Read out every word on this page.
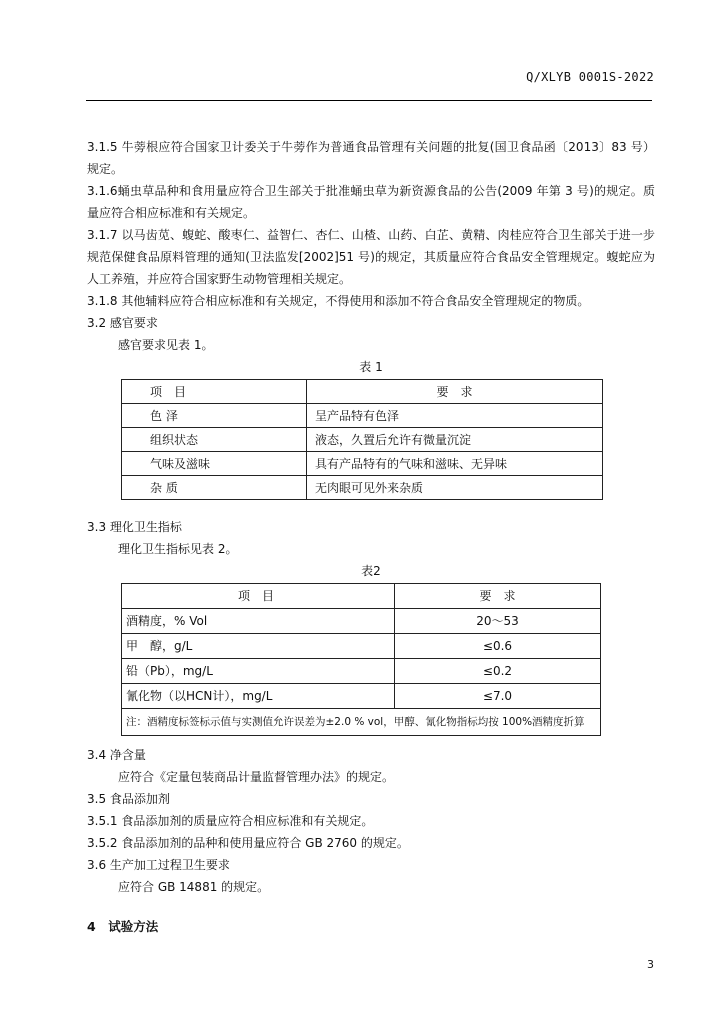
Q/XLYB 0001S-2022

3.1.5 牛蒡根应符合国家卫计委关于牛蒡作为普通食品管理有关问题的批复(国卫食品函〔2013〕83 号）规定。

3.1.6蛹虫草品种和食用量应符合卫生部关于批准蛹虫草为新资源食品的公告(2009 年第 3 号)的规定。质量应符合相应标准和有关规定。

3.1.7 以马齿苋、蝮蛇、酸枣仁、益智仁、杏仁、山楂、山药、白芷、黄精、肉桂应符合卫生部关于进一步规范保健食品原料管理的通知(卫法监发[2002]51 号)的规定，其质量应符合食品安全管理规定。蝮蛇应为人工养殖，并应符合国家野生动物管理相关规定。

3.1.8 其他辅料应符合相应标准和有关规定，不得使用和添加不符合食品安全管理规定的物质。

3.2 感官要求

感官要求见表 1。

表 1

项　目	要　求
色 泽	呈产品特有色泽
组织状态	液态，久置后允许有微量沉淀
气味及滋味	具有产品特有的气味和滋味、无异味
杂 质	无肉眼可见外来杂质

3.3 理化卫生指标

理化卫生指标见表 2。

表2

项　目	要　求
酒精度，% Vol	20～53
甲　醇，g/L	≤0.6
铅（Pb），mg/L	≤0.2
氰化物（以HCN计），mg/L	≤7.0
注：酒精度标签标示值与实测值允许误差为±2.0 % vol，甲醇、氰化物指标均按 100%酒精度折算	

3.4 净含量

应符合《定量包装商品计量监督管理办法》的规定。

3.5 食品添加剂

3.5.1 食品添加剂的质量应符合相应标准和有关规定。

3.5.2 食品添加剂的品种和使用量应符合 GB 2760 的规定。

3.6 生产加工过程卫生要求

应符合 GB 14881 的规定。

4　试验方法
3
